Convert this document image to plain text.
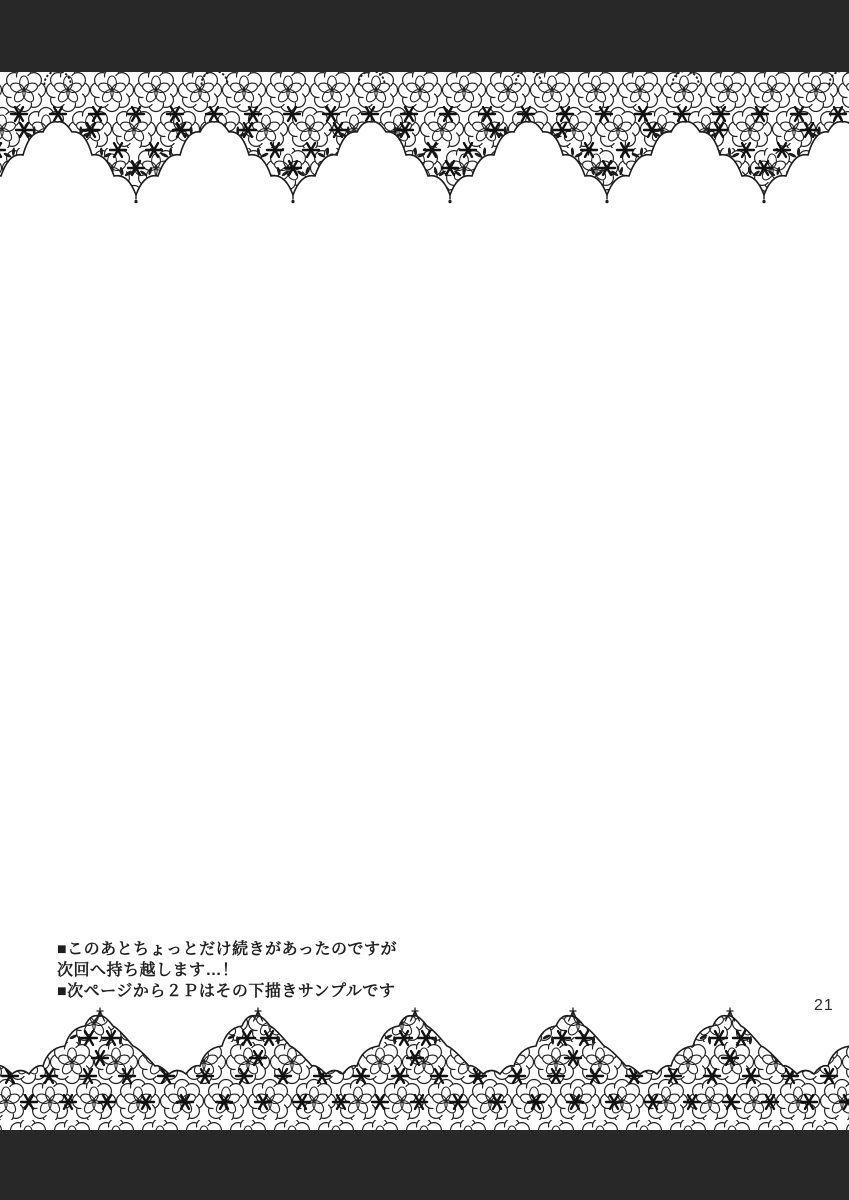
■このあとちょっとだけ続きがあったのですが
次回へ持ち越します…！
■次ページから２Ｐはその下描きサンプルです
21
